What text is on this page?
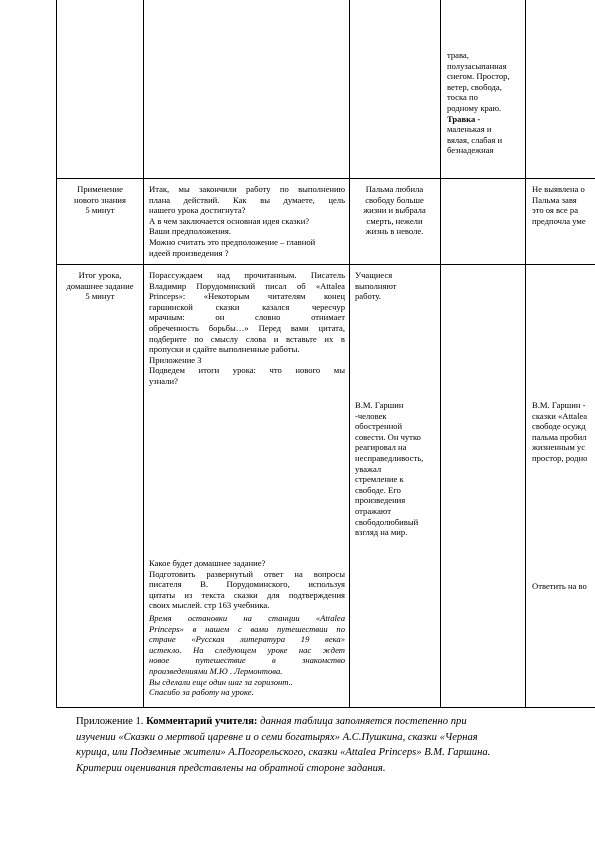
трава,
полузасыпанная
снегом. Простор,
ветер, свобода,
тоска по
родному краю.
Травка -
маленькая и
вялая, слабая и
безнадежная
Применение
нового знания
5 минут
Итак, мы закончили работу по выполнению
плана действий. Как вы думаете, цель
нашего урока достигнута?
А в чем заключается основная идея сказки?
Ваши предположения.
Можно считать это предположение – главной
идеей произведения ?
Пальма любила
свободу больше
жизни и выбрала
смерть, нежели
жизнь в неволе.
Не выявлена о
Пальма завя
это оя все ра
предпочла уме
Итог урока,
домашнее задание
5 минут
Порассуждаем над прочитанным. Писатель
Владимир Порудоминский писал об «Attalea
Princeps»: «Некоторым читателям конец
гаршинской сказки казался чересчур
мрачным: он словно отнимает
обреченность борьбы…» Перед вами цитата,
подберите по смыслу слова и вставьте их в
пропуски и сдайте выполненные работы.
Приложение 3
Подведем итоги урока: что нового мы
узнали?
Какое будет домашнее задание?
Подготовить развернутый ответ на вопросы
писателя В. Порудоминского, используя
цитаты из текста сказки для подтверждения
своих мыслей. стр 163 учебника.
Время остановки на станции «Attalea
Princeps» в нашем с вами путешествии по
стране «Русская литература 19 века»
истекло. На следующем уроке нас ждет
новое путешествие в знакомство
произведениями М.Ю . Лермонтова.
Вы сделали еще один шаг за горизонт..
Спасибо за работу на уроке.
Учащиеся
выполняют
работу.
В.М. Гаршин
-человек
обостренной
совести. Он чутко
реагировал на
несправедливость,
уважал
стремление к
свободе. Его
произведения
отражают
свободолюбивый
взгляд на мир.
В.М. Гаршин -
сказки «Attalea
свободе осужд
пальма пробил
жизненным ус
простор, родно
Ответить на во
Приложение 1. Комментарий учителя: данная таблица заполняется постепенно при
изучении «Сказки о мертвой царевне и о семи богатырях» А.С.Пушкина, сказки «Черная
курица, или Подземные жители» А.Погорельского, сказки «Attalea Princeps» В.М. Гаршина.
Критерии оценивания представлены на обратной стороне задания.
